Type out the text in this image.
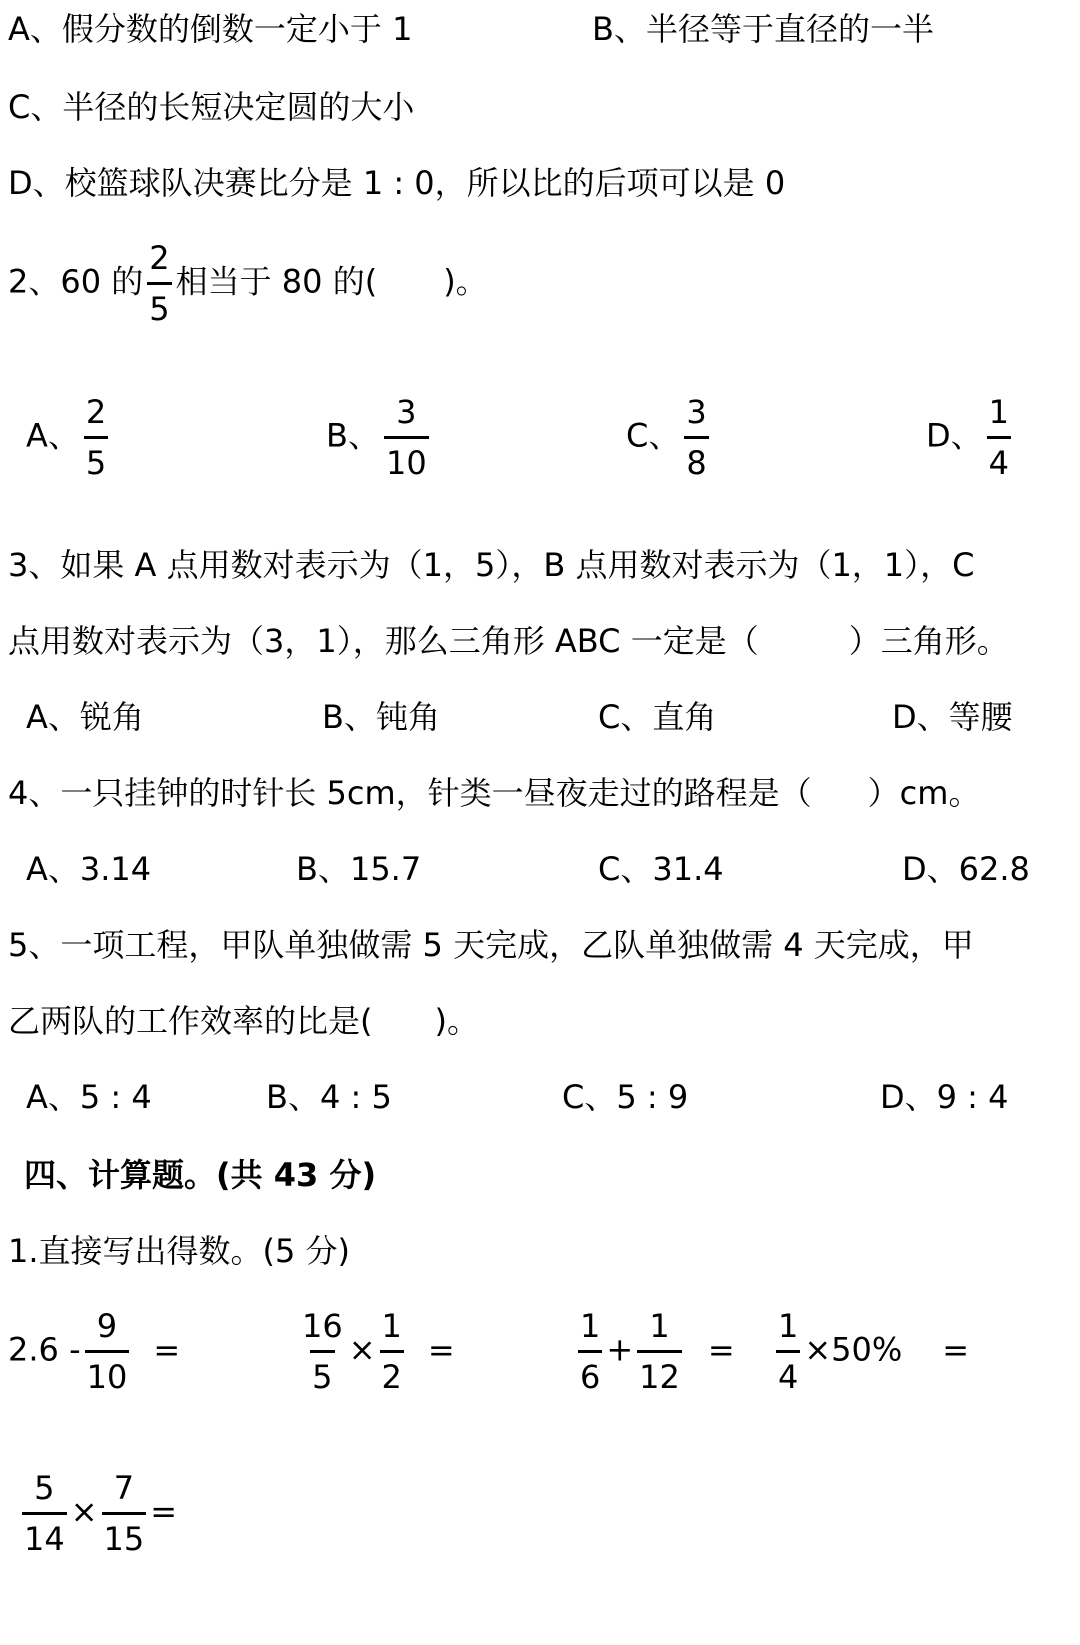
A、假分数的倒数一定小于 1	B、半径等于直径的一半
C、半径的长短决定圆的大小
D、校篮球队决赛比分是 1 : 0，所以比的后项可以是 0
2、60 的 $\frac{2}{5}$ 相当于 80 的( )。
A、 $\frac{2}{5}$	B、 $\frac{3}{10}$	C、 $\frac{3}{8}$	D、 $\frac{1}{4}$
3、如果 A 点用数对表示为（1，5），B 点用数对表示为（1，1），C
点用数对表示为（3，1），那么三角形 ABC 一定是（	）三角形。
A、锐角	B、钝角	C、直角	D、等腰
4、一只挂钟的时针长 5cm，针类一昼夜走过的路程是（ ）cm。
A、3.14	B、15.7	C、31.4	D、62.8
5、一项工程，甲队单独做需 5 天完成，乙队单独做需 4 天完成，甲
乙两队的工作效率的比是( )。
A、5 : 4	B、4 : 5	C、5 : 9	D、9 : 4
四、计算题。(共 43 分)
1.直接写出得数。(5 分)
$2.6 - \frac{9}{10}$ =	$\frac{16}{5} \times \frac{1}{2}$ =	$\frac{1}{6} + \frac{1}{12} = \frac{1}{4} \times 50\%$ =
$\frac{5}{14} \times \frac{7}{15}$ =
